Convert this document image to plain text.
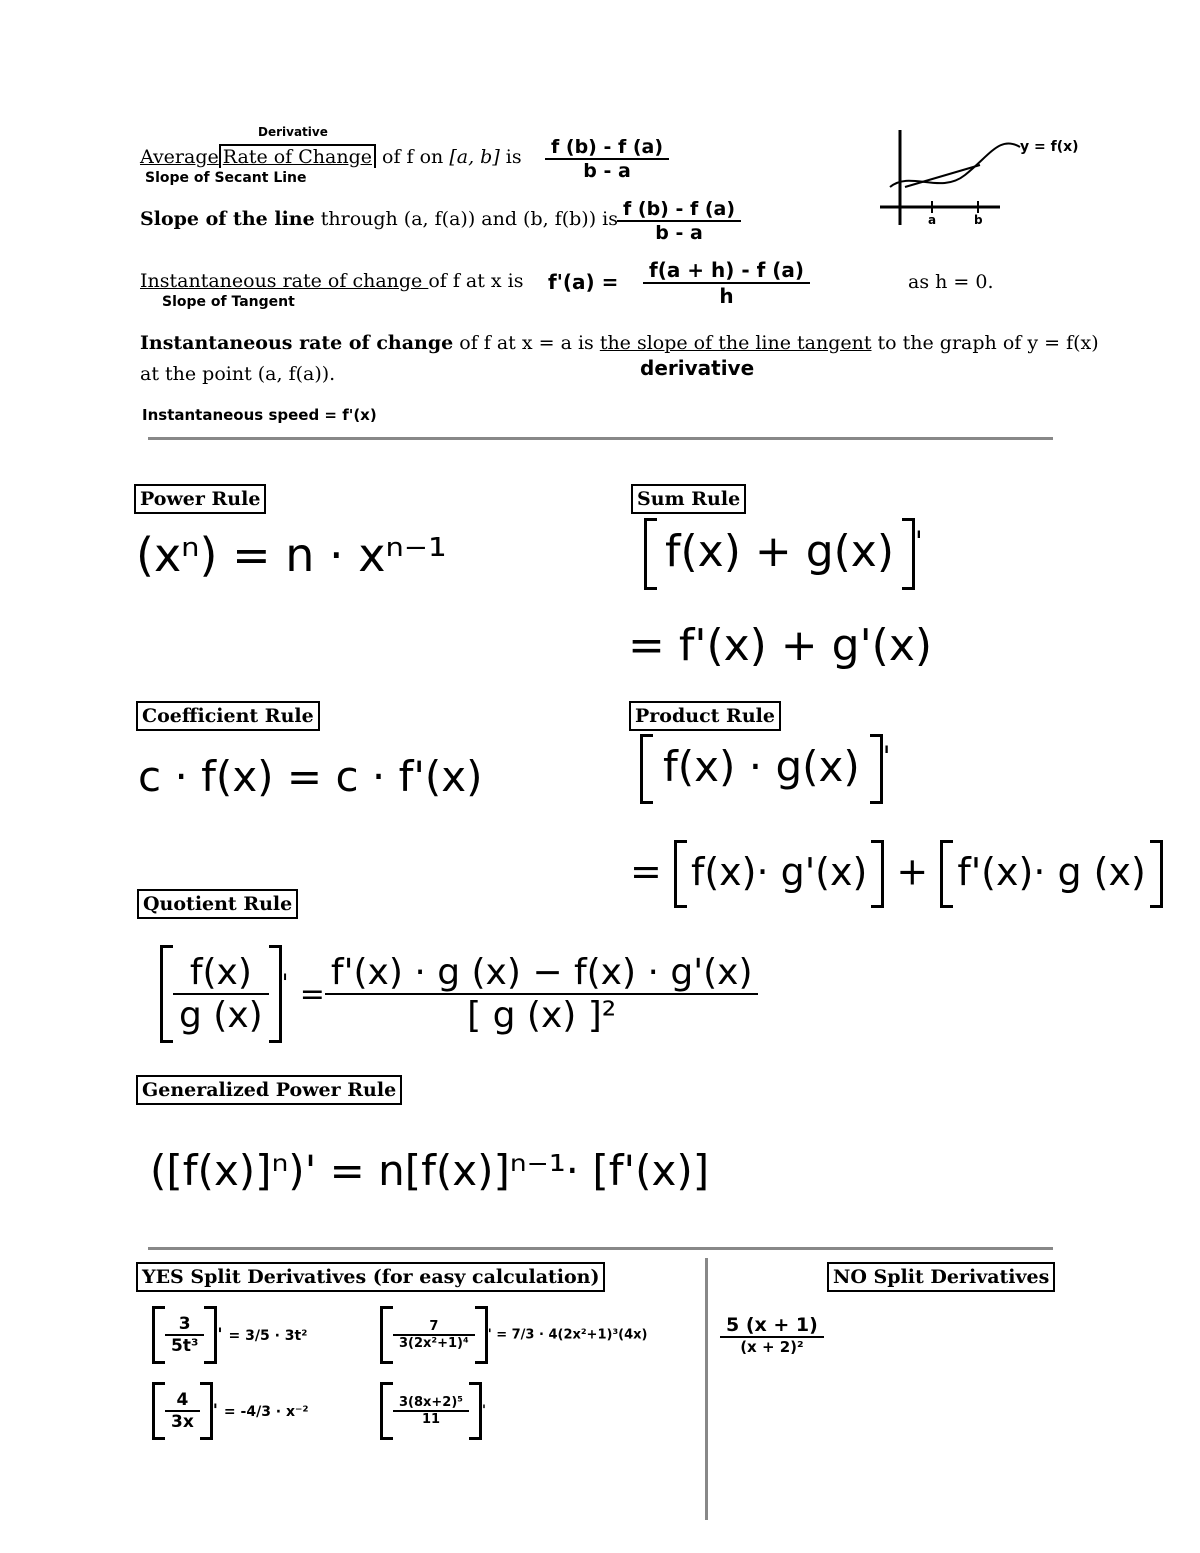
Average Rate of Change of f on [a, b] is
Derivative
Slope of Secant Line	$\frac{f (b) - f (a)}{b - a}$
Slope of the line through (a, f(a)) and (b, f(b)) is $\frac{f (b) - f (a)}{b - a}$
Instantaneous rate of change of f at x is
Slope of Tangent
$f'(a) = \frac{f(a + h) - f (a)}{h}$	as h = 0.
Instantaneous rate of change of f at x = a is the slope of the line tangent to the graph of y = f(x)
at the point (a, f(a)).	derivative
Instantaneous speed = f'(x)
y = f(x)
a	b
Power Rule
(xⁿ) = n · xⁿ⁻¹
Sum Rule
f(x) + g(x) '
= f'(x) + g'(x)
Coefficient Rule
c · f(x) = c · f'(x)
Product Rule
f(x) · g(x) '
= f(x)· g'(x) + f'(x)· g (x)
Quotient Rule
$\frac{f(x)}{g (x)} ' = \frac{f'(x) \cdot g (x) - f(x) \cdot g'(x)}{\text{[ g (x) ]²}}$
Generalized Power Rule
([f(x)]ⁿ)' = n[f(x)]ⁿ⁻¹· [f'(x)]
YES Split Derivatives (for easy calculation)	NO Split Derivatives
$\frac{3}{\text{5t³}}$ ' = 3/5 · 3t²	$\frac{7}{\text{3(2x²+1)⁴}}$ ' = 7/3 · 4(2x²+1)³(4x)
$\frac{4}{3x}$ ' = -4/3 · x⁻²	$\frac{\text{3(8x+2)⁵}}{11}$ '
5 (x + 1)
(x + 2)²
